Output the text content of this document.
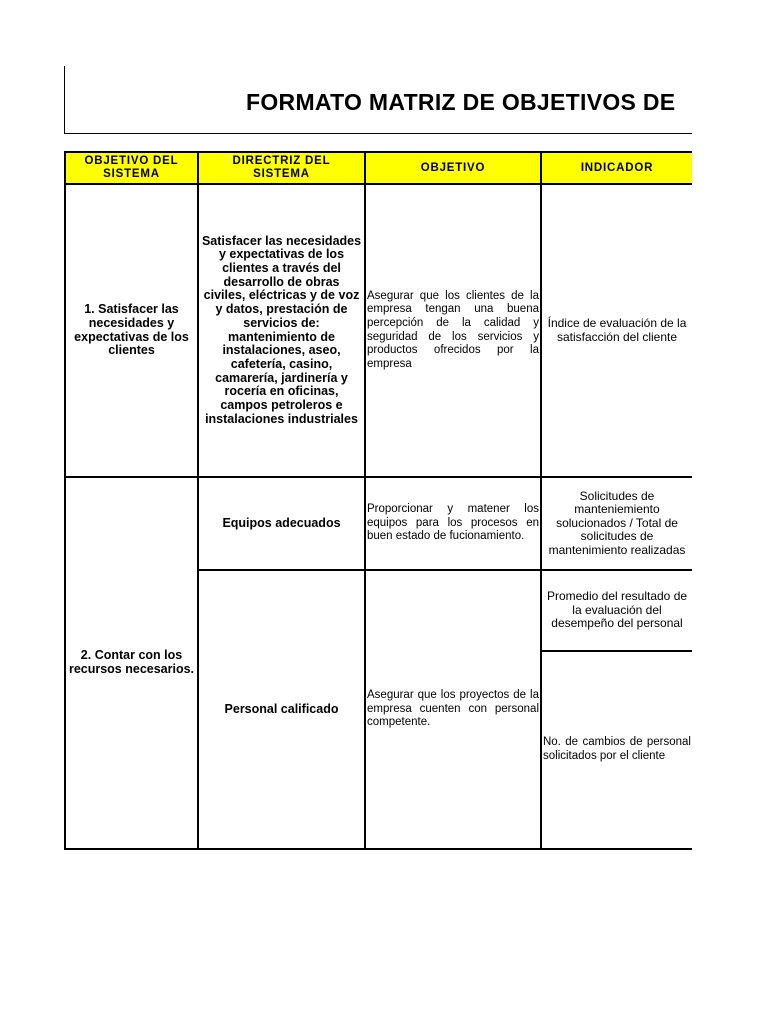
FORMATO MATRIZ DE OBJETIVOS DE
OBJETIVO DEL SISTEMA
DIRECTRIZ DEL SISTEMA
OBJETIVO	INDICADOR
1. Satisfacer las necesidades y expectativas de los clientes
Satisfacer las necesidades y expectativas de los clientes a través del desarrollo de obras civiles, eléctricas y de voz y datos, prestación de servicios de: mantenimiento de instalaciones, aseo, cafetería, casino, camarería, jardinería y rocería en oficinas, campos petroleros e instalaciones industriales
Asegurar que los clientes de la empresa tengan una buena percepción de la calidad y seguridad de los servicios y productos ofrecidos por la empresa
Índice de evaluación de la satisfacción del cliente
2. Contar con los recursos necesarios.
Equipos adecuados
Proporcionar y matener los equipos para los procesos en buen estado de fucionamiento.
Solicitudes de manteniemiento solucionados / Total de solicitudes de mantenimiento realizadas
Personal calificado
Asegurar que los proyectos de la empresa cuenten con personal competente.
Promedio del resultado de la evaluación del desempeño del personal
No. de cambios de personal solicitados por el cliente
